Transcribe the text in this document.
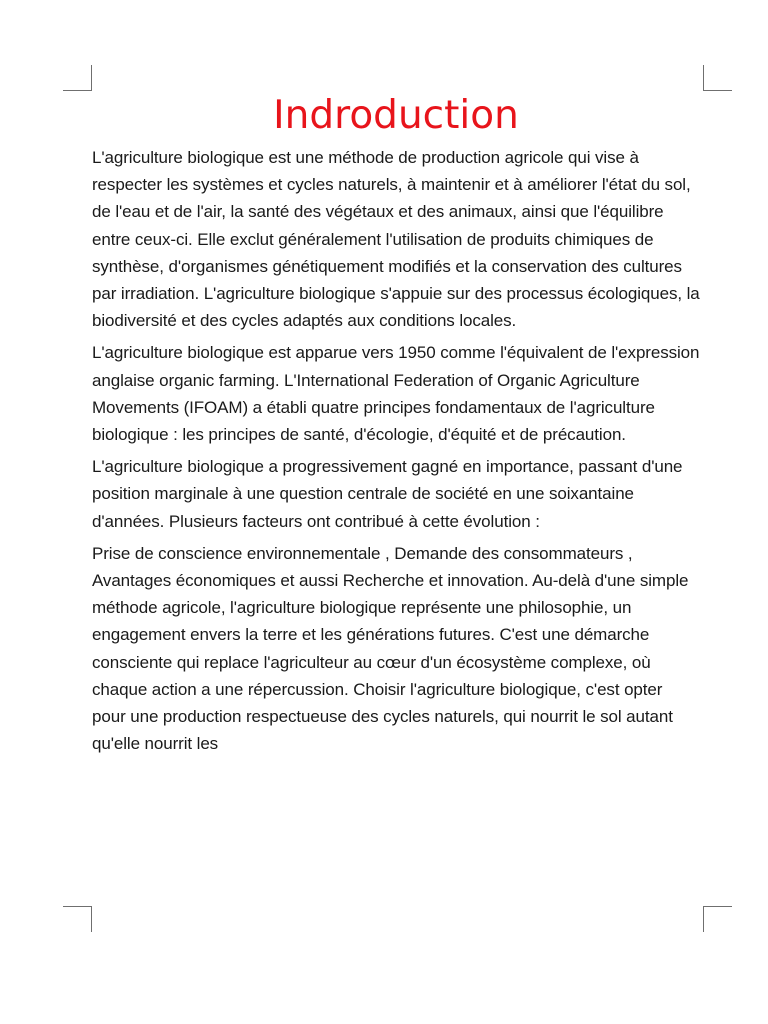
Indroduction

L'agriculture biologique est une méthode de production agricole qui vise à respecter les systèmes et cycles naturels, à maintenir et à améliorer l'état du sol, de l'eau et de l'air, la santé des végétaux et des animaux, ainsi que l'équilibre entre ceux-ci. Elle exclut généralement l'utilisation de produits chimiques de synthèse, d'organismes génétiquement modifiés et la conservation des cultures par irradiation. L'agriculture biologique s'appuie sur des processus écologiques, la biodiversité et des cycles adaptés aux conditions locales.

L'agriculture biologique est apparue vers 1950 comme l'équivalent de l'expression anglaise organic farming. L'International Federation of Organic Agriculture Movements (IFOAM) a établi quatre principes fondamentaux de l'agriculture biologique : les principes de santé, d'écologie, d'équité et de précaution.

L'agriculture biologique a progressivement gagné en importance, passant d'une position marginale à une question centrale de société en une soixantaine d'années. Plusieurs facteurs ont contribué à cette évolution :

Prise de conscience environnementale , Demande des consommateurs , Avantages économiques et aussi Recherche et innovation. Au-delà d'une simple méthode agricole, l'agriculture biologique représente une philosophie, un engagement envers la terre et les générations futures. C'est une démarche consciente qui replace l'agriculteur au cœur d'un écosystème complexe, où chaque action a une répercussion. Choisir l'agriculture biologique, c'est opter pour une production respectueuse des cycles naturels, qui nourrit le sol autant qu'elle nourrit les
